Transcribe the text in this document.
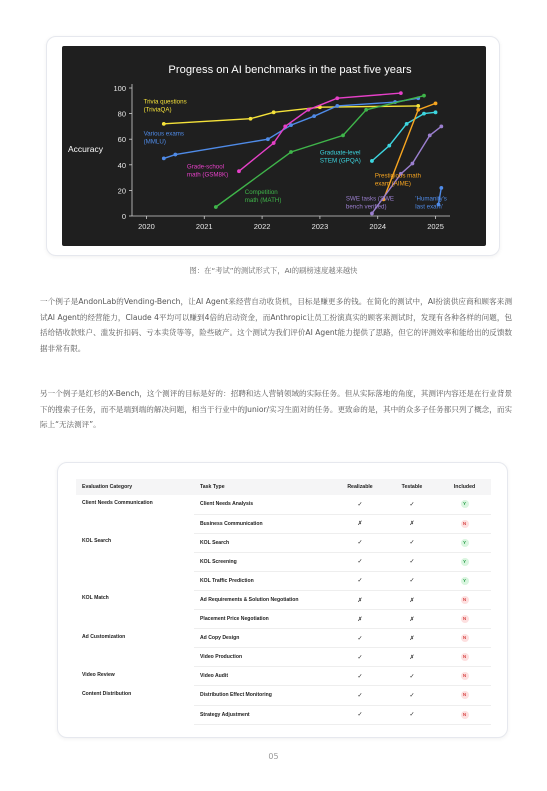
Progress on AI benchmarks in the past five years
Accuracy
0
20
40
60
80
100
2020	2021	2022	2023	2024	2025
Trivia questions
(TriviaQA)
Various exams
(MMLU)
Grade-school
math (GSM8K)
Competition
math (MATH)
Graduate-level
STEM (GPQA)
Prestigious math
exam (AIME)
SWE tasks (SWE
bench verified)
'Humanity's
last exam'
图：在“考试”的测试形式下，AI的刷榜速度越来越快
一个例子是AndonLab的Vending-Bench，让AI Agent来经营自动收货机，目标是赚更多的钱。在简化的测试中，AI扮演供应商和顾客来测试AI Agent的经营能力，Claude 4平均可以赚到4倍的启动资金，而Anthropic让员工扮演真实的顾客来测试时，发现有各种各样的问题，包括给错收款账户、滥发折扣码、亏本卖货等等，险些破产。这个测试为我们评价AI Agent能力提供了思路，但它的评测效率和能给出的反馈数据非常有限。
另一个例子是红杉的X-Bench，这个测评的目标是好的：招聘和达人营销领域的实际任务。但从实际落地的角度，其测评内容还是在行业背景下的搜索子任务，而不是端到端的解决问题，相当于行业中的Junior/实习生面对的任务。更致命的是，其中的众多子任务都只列了概念，而实际上“无法测评”。
Evaluation Category	Task Type	Realizable	Testable	Included
Client Needs Communication	Client Needs Analysis	✓	✓	Y
	Business Communication	✗	✗	N
KOL Search	KOL Search	✓	✓	Y
	KOL Screening	✓	✓	Y
	KOL Traffic Prediction	✓	✓	Y
KOL Match	Ad Requirements & Solution Negotiation	✗	✗	N
	Placement Price Negotiation	✗	✗	N
Ad Customization	Ad Copy Design	✓	✗	N
	Video Production	✓	✗	N
Video Review	Video Audit	✓	✓	N
Content Distribution	Distribution Effect Monitoring	✓	✓	N
	Strategy Adjustment	✓	✓	N
05
